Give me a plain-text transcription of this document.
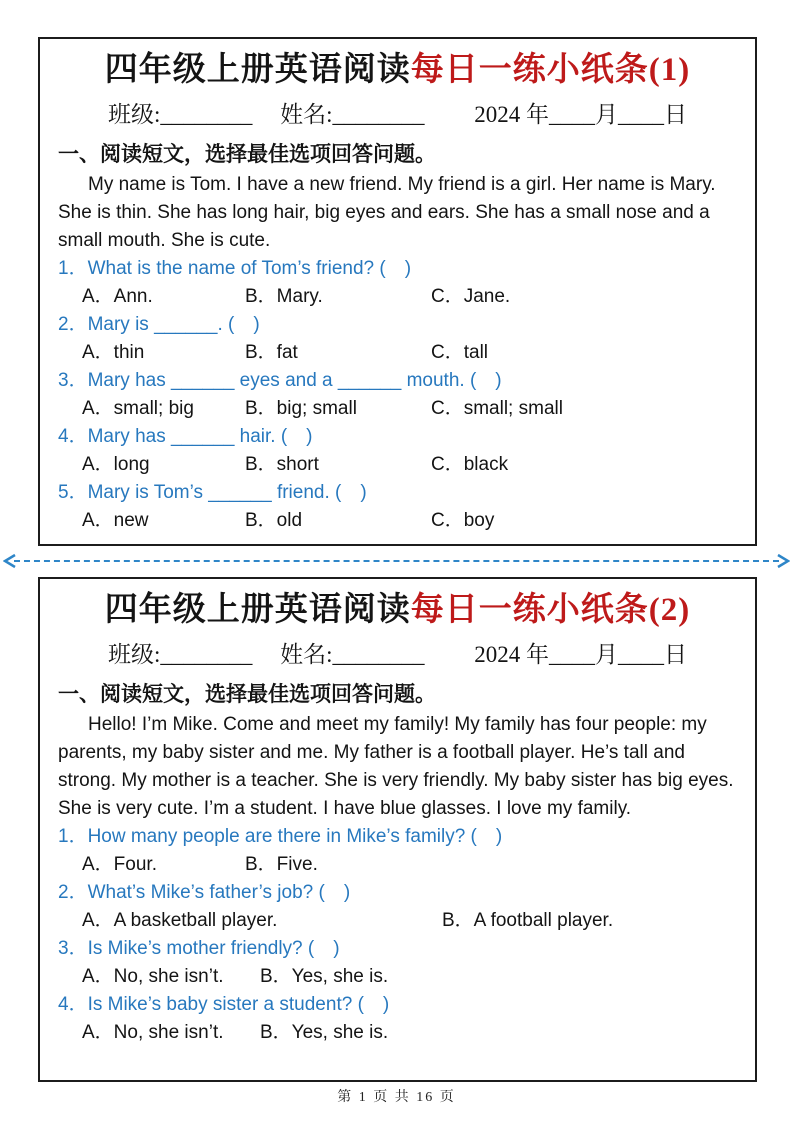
四年级上册英语阅读每日一练小纸条(1)
班级:________ 姓名:________ 2024 年____月____日
一、阅读短文，选择最佳选项回答问题。
My name is Tom. I have a new friend. My friend is a girl. Her name is Mary. She is thin. She has long hair, big eyes and ears. She has a small nose and a small mouth. She is cute.
1．What is the name of Tom’s friend? (　)
A．Ann.	B．Mary.	C．Jane.
2．Mary is ______. (　)
A．thin	B．fat	C．tall
3．Mary has ______ eyes and a ______ mouth. (　)
A．small; big	B．big; small	C．small; small
4．Mary has ______ hair. (　)
A．long	B．short	C．black
5．Mary is Tom’s ______ friend. (　)
A．new	B．old	C．boy
四年级上册英语阅读每日一练小纸条(2)
班级:________ 姓名:________ 2024 年____月____日
一、阅读短文，选择最佳选项回答问题。
Hello! I’m Mike. Come and meet my family! My family has four people: my parents, my baby sister and me. My father is a football player. He’s tall and strong. My mother is a teacher. She is very friendly. My baby sister has big eyes. She is very cute. I’m a student. I have blue glasses. I love my family.
1．How many people are there in Mike’s family? (　)
A．Four.	B．Five.
2．What’s Mike’s father’s job? (　)
A．A basketball player.	B．A football player.
3．Is Mike’s mother friendly? (　)
A．No, she isn’t.	B．Yes, she is.
4．Is Mike’s baby sister a student? (　)
A．No, she isn’t.	B．Yes, she is.
第 1 页 共 16 页
